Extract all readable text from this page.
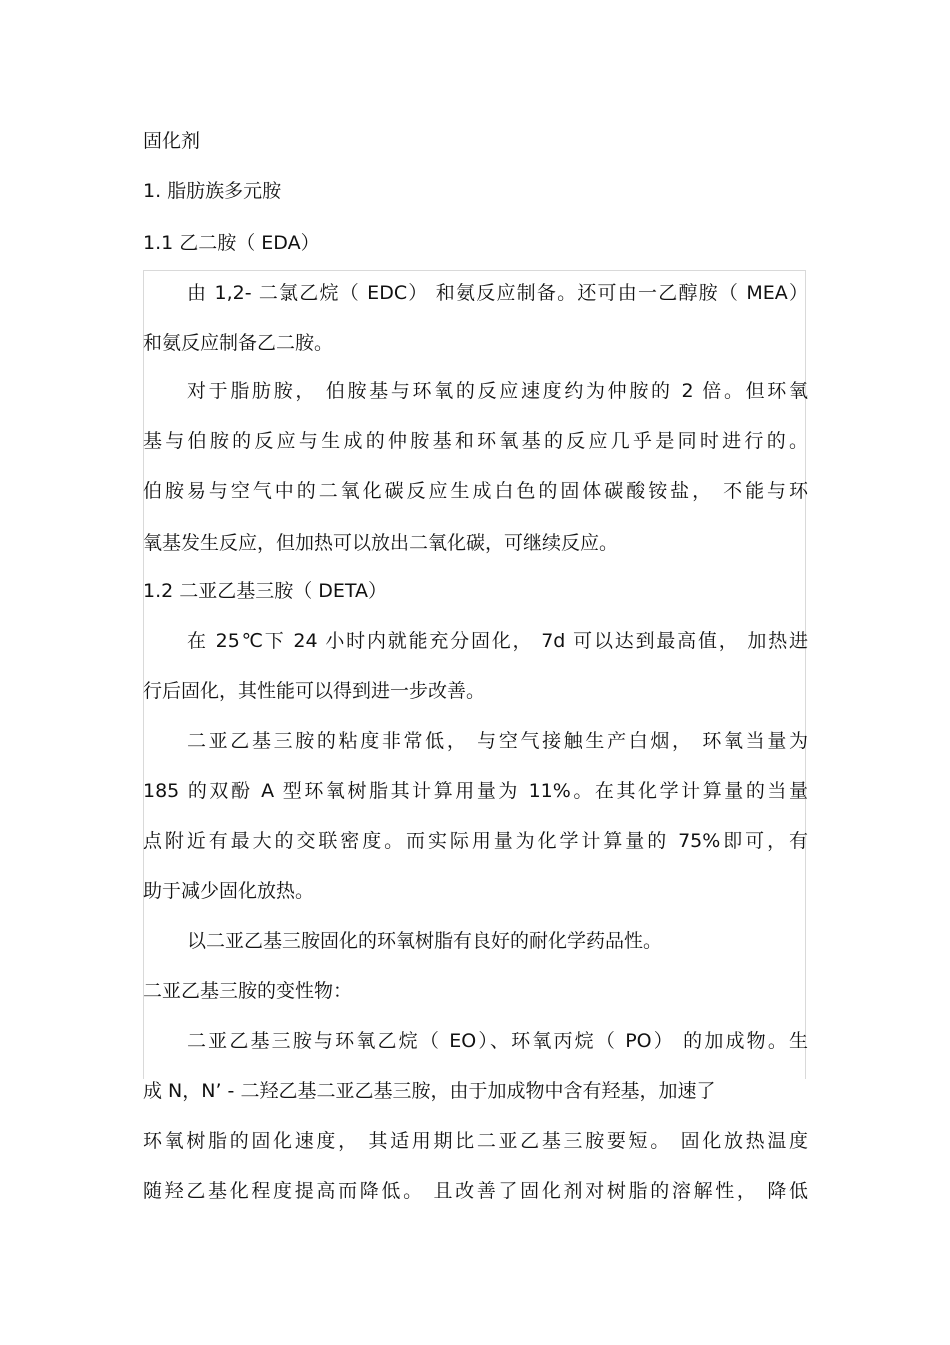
固化剂
1. 脂肪族多元胺
1.1 乙二胺（ EDA）
由 1,2- 二氯乙烷（ EDC） 和氨反应制备。还可由一乙醇胺（ MEA）
和氨反应制备乙二胺。
对于脂肪胺， 伯胺基与环氧的反应速度约为仲胺的 2 倍。但环氧
基与伯胺的反应与生成的仲胺基和环氧基的反应几乎是同时进行的。
伯胺易与空气中的二氧化碳反应生成白色的固体碳酸铵盐， 不能与环
氧基发生反应，但加热可以放出二氧化碳，可继续反应。
1.2 二亚乙基三胺（ DETA）
在 25℃下 24 小时内就能充分固化， 7d 可以达到最高值， 加热进
行后固化，其性能可以得到进一步改善。
二亚乙基三胺的粘度非常低， 与空气接触生产白烟， 环氧当量为
185 的双酚 A 型环氧树脂其计算用量为 11%。在其化学计算量的当量
点附近有最大的交联密度。而实际用量为化学计算量的 75%即可，有
助于减少固化放热。
以二亚乙基三胺固化的环氧树脂有良好的耐化学药品性。
二亚乙基三胺的变性物：
二亚乙基三胺与环氧乙烷（ EO）、环氧丙烷（ PO） 的加成物。生
成 N，N’ - 二羟乙基二亚乙基三胺，由于加成物中含有羟基，加速了
环氧树脂的固化速度， 其适用期比二亚乙基三胺要短。 固化放热温度
随羟乙基化程度提高而降低。 且改善了固化剂对树脂的溶解性， 降低
